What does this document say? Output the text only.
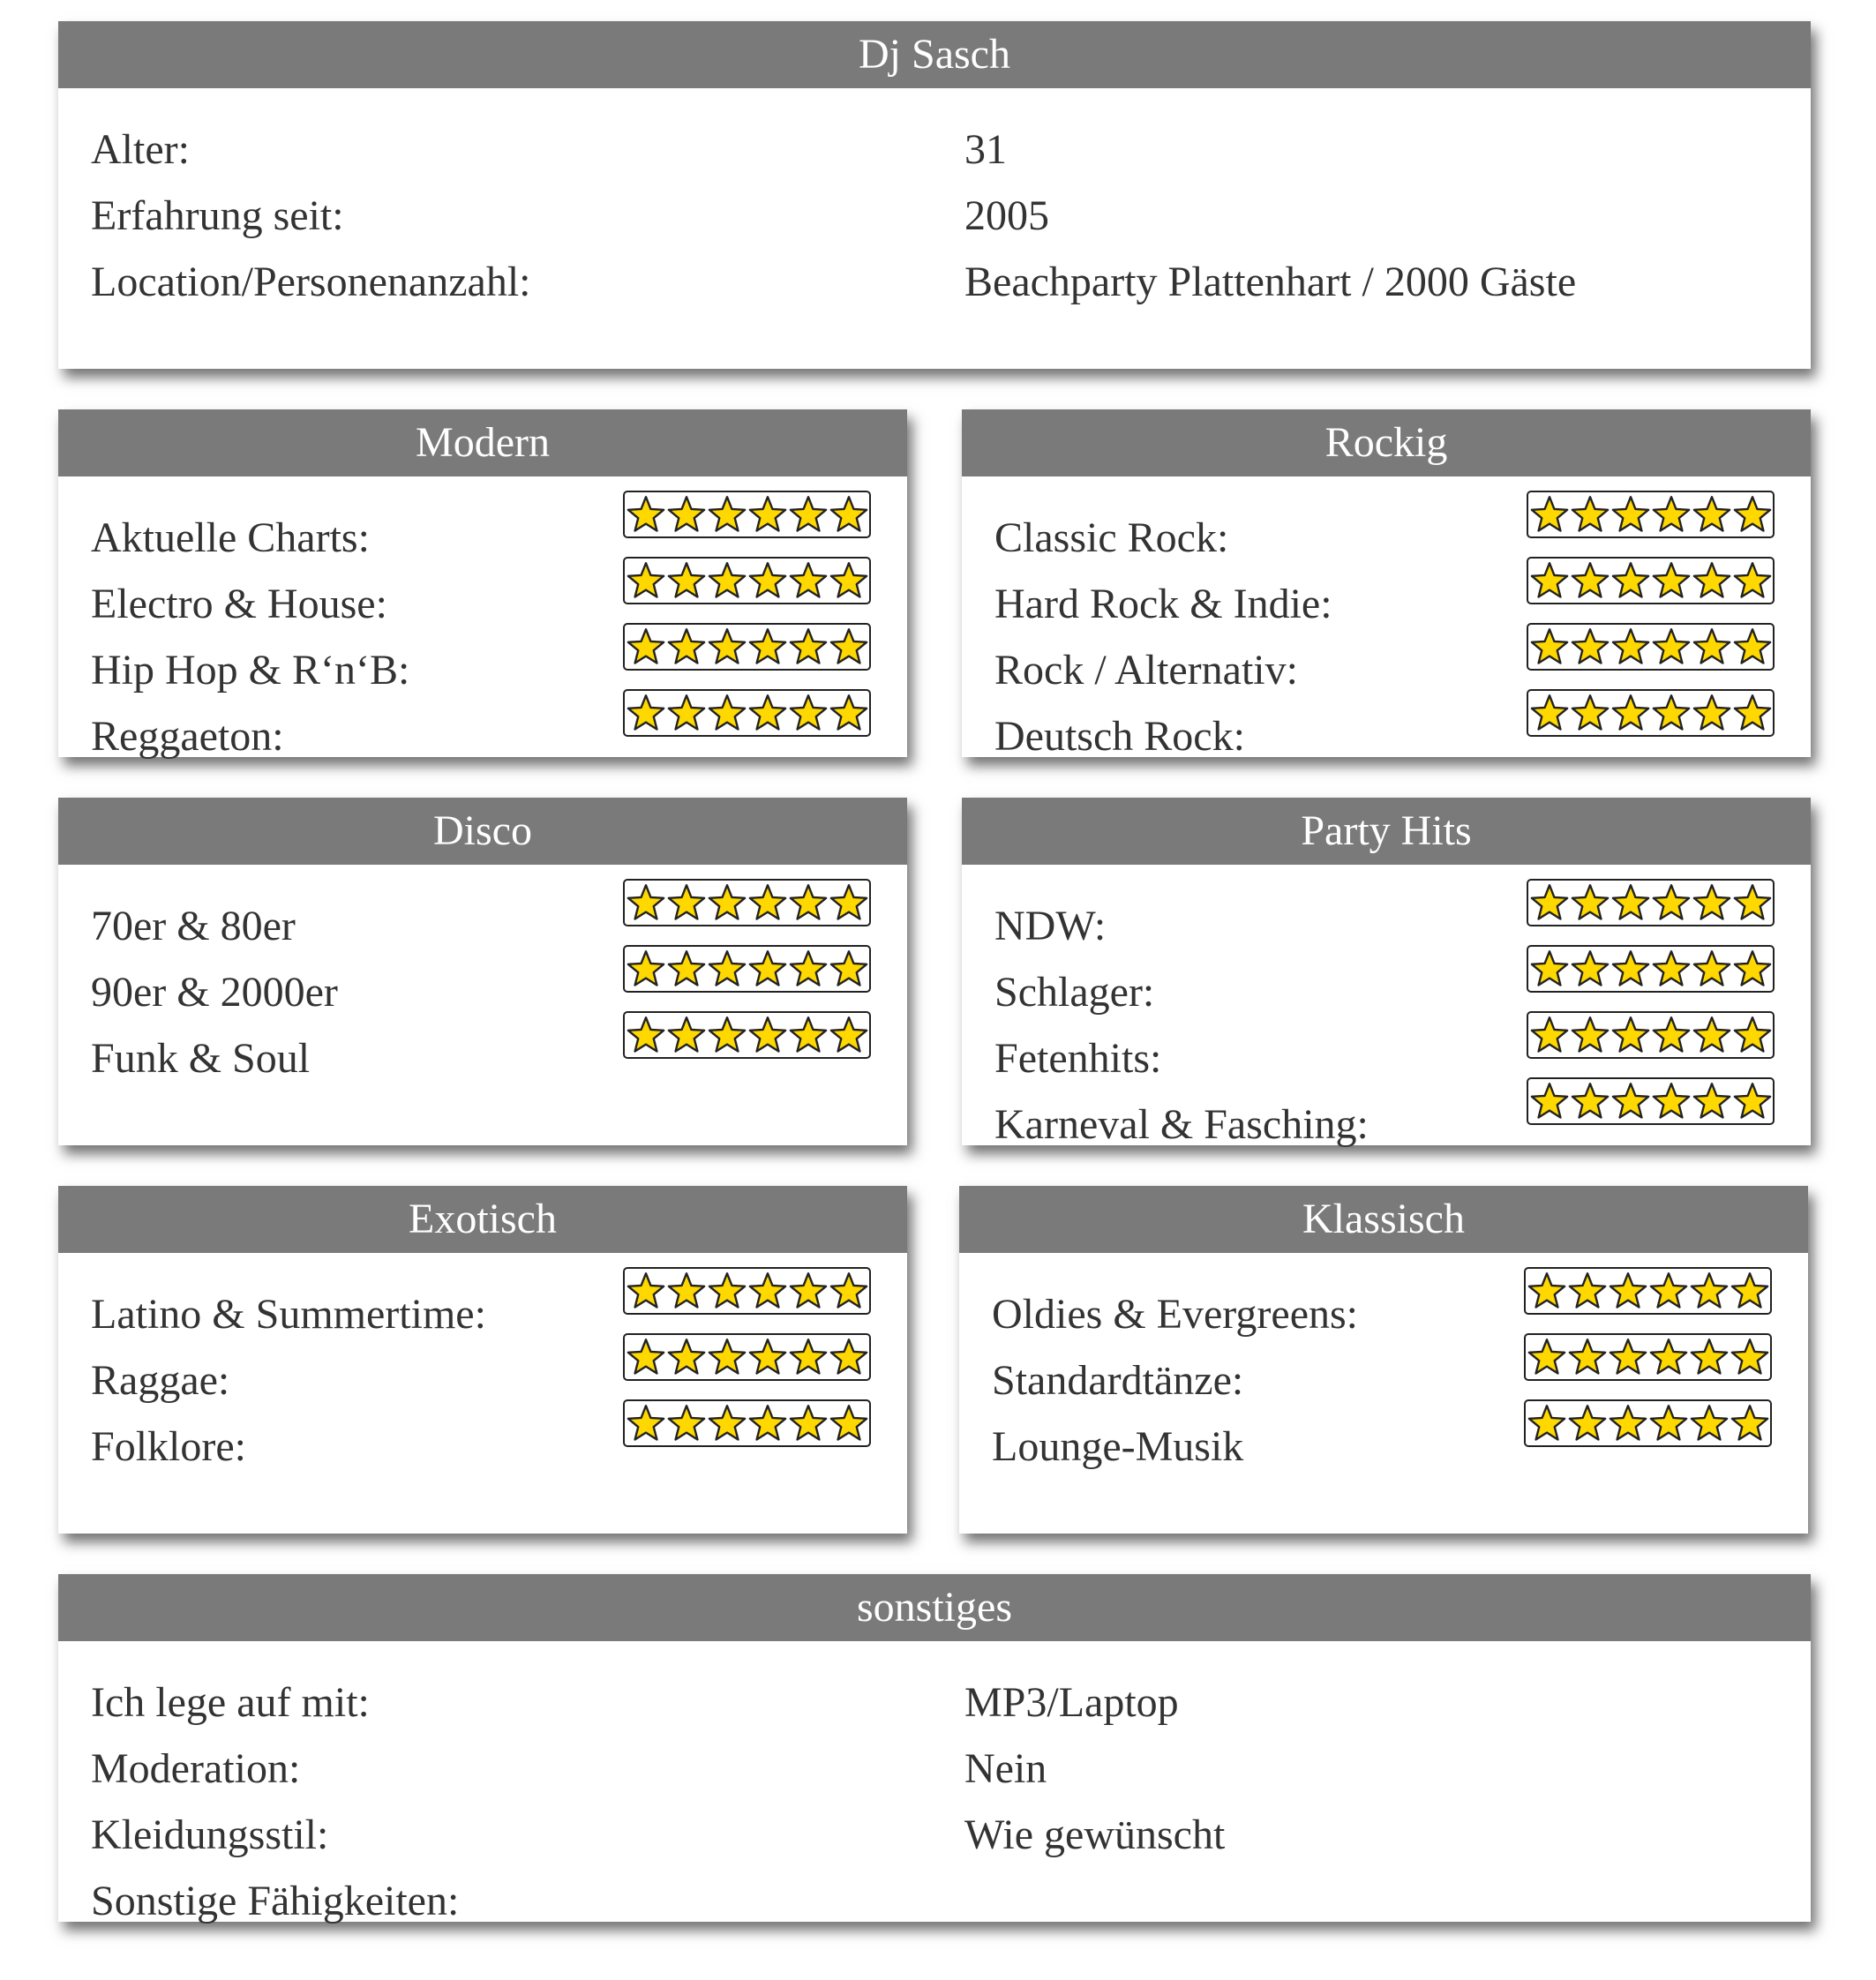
Dj Sasch
Alter:	31
Erfahrung seit:	2005
Location/Personenanzahl:	Beachparty Plattenhart / 2000 Gäste
Modern
Aktuelle Charts:
Electro & House:
Hip Hop & R‘n‘B:
Reggaeton:
Rockig
Classic Rock:
Hard Rock & Indie:
Rock / Alternativ:
Deutsch Rock:
Disco
70er & 80er
90er & 2000er
Funk & Soul
Party Hits
NDW:
Schlager:
Fetenhits:
Karneval & Fasching:
Exotisch
Latino & Summertime:
Raggae:
Folklore:
Klassisch
Oldies & Evergreens:
Standardtänze:
Lounge-Musik
sonstiges
Ich lege auf mit:	MP3/Laptop
Moderation:	Nein
Kleidungsstil:	Wie gewünscht
Sonstige Fähigkeiten:
